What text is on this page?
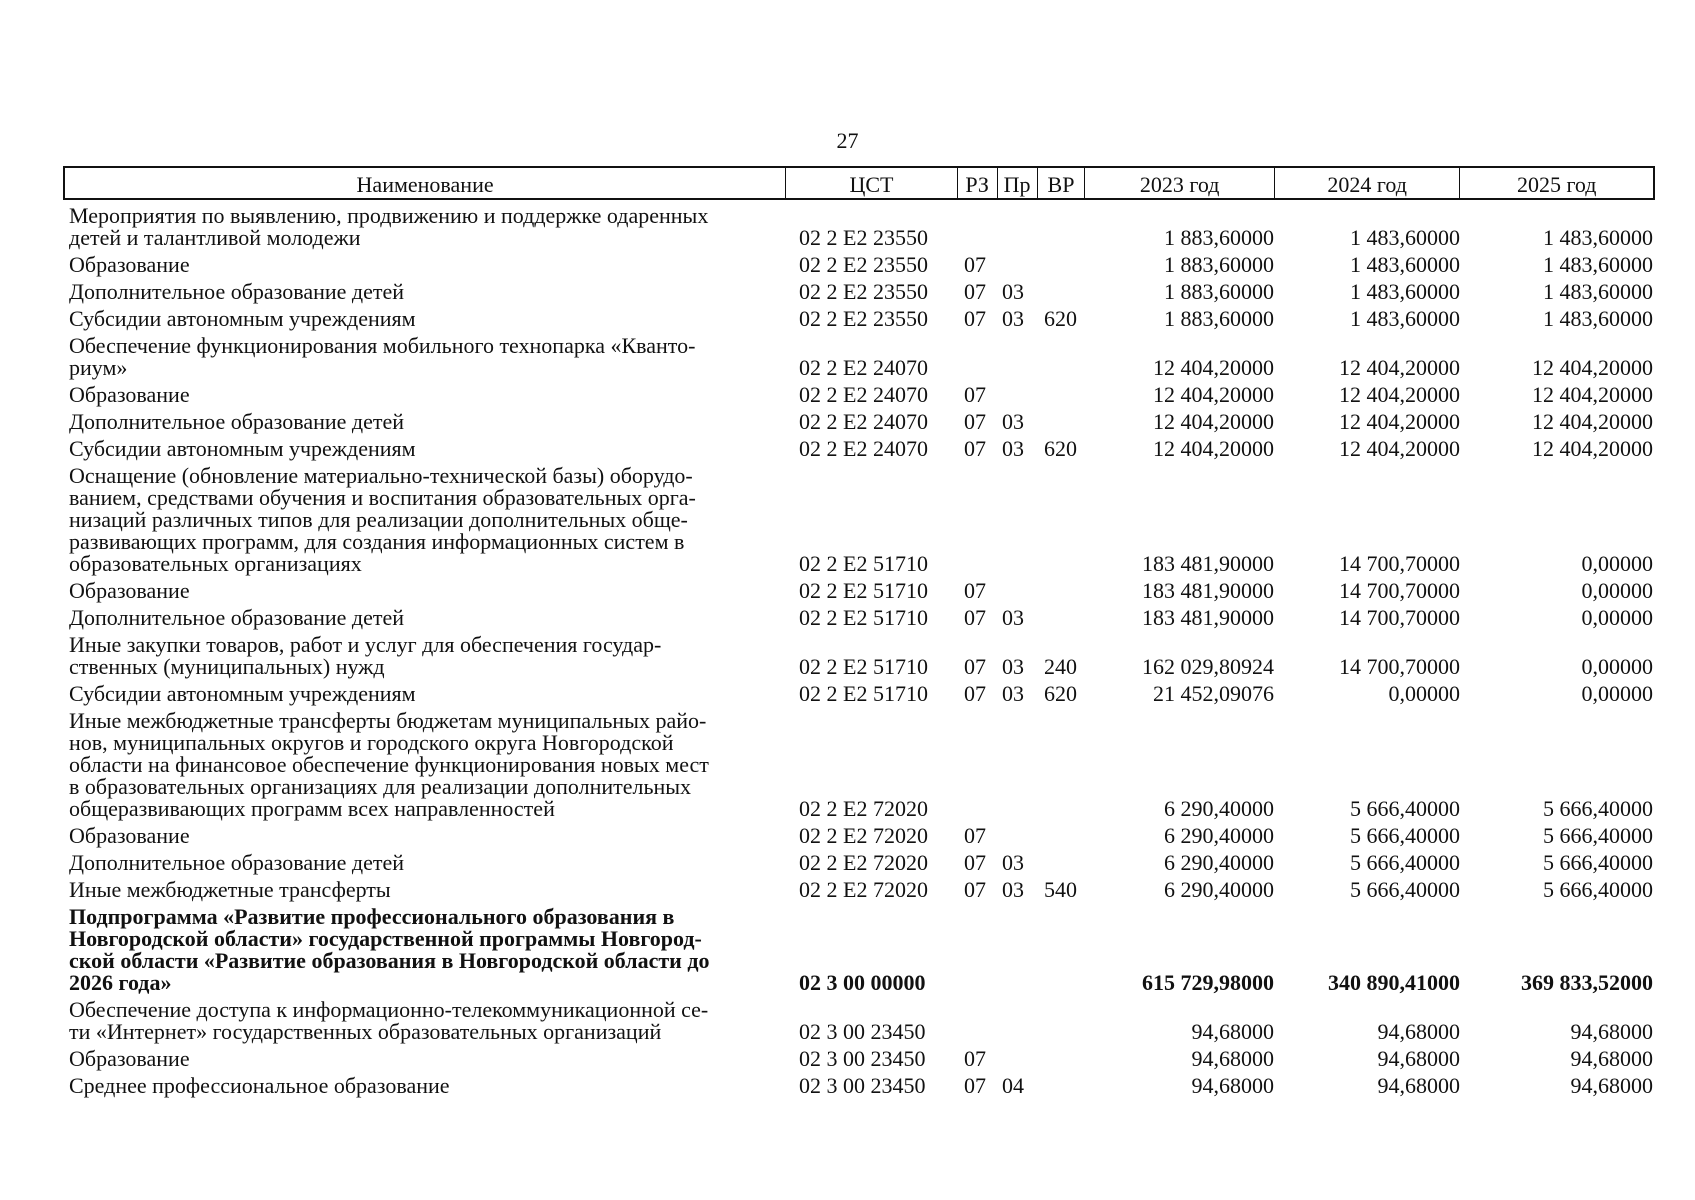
27
Наименование	ЦСТ	РЗ Пр ВР	2023 год	2024 год	2025 год
Мероприятия по выявлению, продвижению и поддержке одаренных
детей и талантливой молодежи	02 2 E2 23550	1 883,60000	1 483,60000	1 483,60000
Образование	02 2 E2 23550	07	1 883,60000	1 483,60000	1 483,60000
Дополнительное образование детей	02 2 E2 23550	07 03	1 883,60000	1 483,60000	1 483,60000
Субсидии автономным учреждениям	02 2 E2 23550	07 03 620	1 883,60000	1 483,60000	1 483,60000
Обеспечение функционирования мобильного технопарка «Кванто-
риум»	02 2 E2 24070	12 404,20000	12 404,20000	12 404,20000
Образование	02 2 E2 24070	07	12 404,20000	12 404,20000	12 404,20000
Дополнительное образование детей	02 2 E2 24070	07 03	12 404,20000	12 404,20000	12 404,20000
Субсидии автономным учреждениям	02 2 E2 24070	07 03 620	12 404,20000	12 404,20000	12 404,20000
Оснащение (обновление материально-технической базы) оборудо-
ванием, средствами обучения и воспитания образовательных орга-
низаций различных типов для реализации дополнительных обще-
развивающих программ, для создания информационных систем в
образовательных организациях	02 2 E2 51710	183 481,90000	14 700,70000	0,00000
Образование	02 2 E2 51710	07	183 481,90000	14 700,70000	0,00000
Дополнительное образование детей	02 2 E2 51710	07 03	183 481,90000	14 700,70000	0,00000
Иные закупки товаров, работ и услуг для обеспечения государ-
ственных (муниципальных) нужд	02 2 E2 51710	07 03 240	162 029,80924	14 700,70000	0,00000
Субсидии автономным учреждениям	02 2 E2 51710	07 03 620	21 452,09076	0,00000	0,00000
Иные межбюджетные трансферты бюджетам муниципальных райо-
нов, муниципальных округов и городского округа Новгородской
области на финансовое обеспечение функционирования новых мест
в образовательных организациях для реализации дополнительных
общеразвивающих программ всех направленностей	02 2 E2 72020	6 290,40000	5 666,40000	5 666,40000
Образование	02 2 E2 72020	07	6 290,40000	5 666,40000	5 666,40000
Дополнительное образование детей	02 2 E2 72020	07 03	6 290,40000	5 666,40000	5 666,40000
Иные межбюджетные трансферты	02 2 E2 72020	07 03 540	6 290,40000	5 666,40000	5 666,40000
Подпрограмма «Развитие профессионального образования в
Новгородской области» государственной программы Новгород-
ской области «Развитие образования в Новгородской области до
2026 года»	02 3 00 00000	615 729,98000	340 890,41000	369 833,52000
Обеспечение доступа к информационно-телекоммуникационной се-
ти «Интернет» государственных образовательных организаций	02 3 00 23450	94,68000	94,68000	94,68000
Образование	02 3 00 23450	07	94,68000	94,68000	94,68000
Среднее профессиональное образование	02 3 00 23450	07 04	94,68000	94,68000	94,68000
